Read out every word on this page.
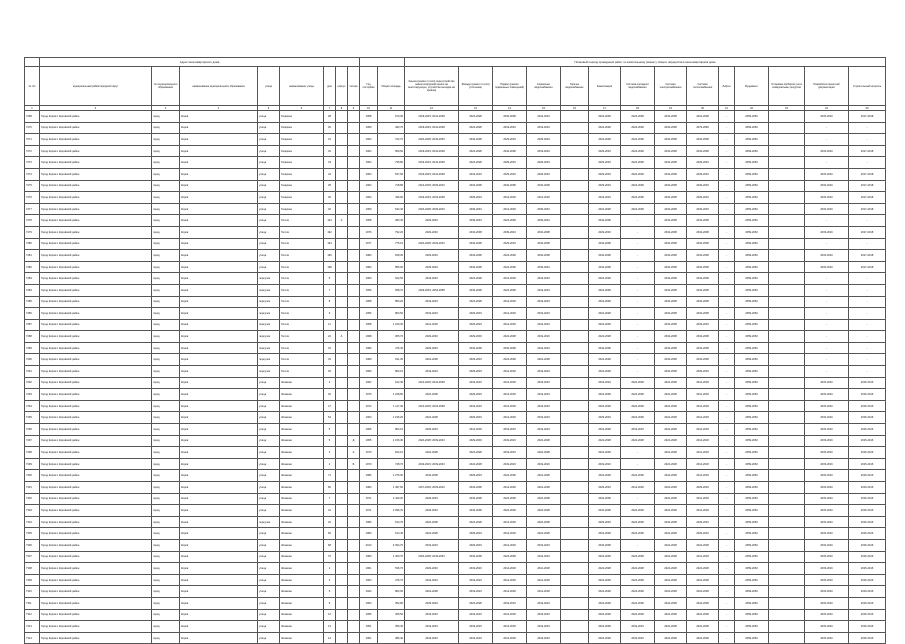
	Адрес многоквартирного дома										Плановый период проведения работ по капитальному ремонту общего имущества в многоквартирном доме													
№ п/п	муниципальный район/городской округ	тип муниципального образования	наименование муниципального образования	улица	наименование улицы	дом	корпус	литера	Год постройки	Общая площадь	Крыша (ремонт и (или) переустройство невентилируемой крыши на вентилируемую, устройство выходов на кровлю)	Фасады (ремонт и (или) утепление)	Подвал (ремонт подвальных помещений)	Сервисные водоснабжения	Горячее водоснабжение	Канализация	Система холодного водоснабжения	Система электроснабжения	Система теплоснабжения	Лифты	Фундамент	Установка приборов учета коммунальных ресурсов	Разработка проектной документации	Строительный контроль
1	2	3	4	5	6	7	8	9	10	11	12	13	14	15	16	17	18	19	20	21	22	23	24	25
7268	Город Киров и Кировский район	город	Киров	улица	Гагарина	28			1958	679,00	2019-2023; 2044-2048	2024-2028	2034-2038	2019-2023		2024-2028	2024-2028	2034-2038	2024-2028	-	2059-2063		2015-2016	2017-2018
7270	Город Киров и Кировский район	город	Киров	улица	Гагарина	30			1959	493,70	2019-2023; 2044-2048	2024-2028	2019-2023	2019-2023		2024-2028	2024-2028	2034-2038	2079-2083	-	2059-2063		-	-
7271	Город Киров и Кировский район	город	Киров	улица	Гагарина	31			1964	722,70	2024-2028; 2049-2053	2034-2038	2029-2033	2029-2033		2024-2028	2024-2028	2034-2038	2034-2038	-	2059-2063		-	-
7272	Город Киров и Кировский район	город	Киров	улица	Гагарина	32			1964	569,50	2019-2023; 2044-2048	2024-2028	2034-2038	2019-2023		2029-2033	2024-2028	2034-2038	2034-2038	-	2059-2063		2015-2016	2017-2018
7273	Город Киров и Кировский район	город	Киров	улица	Гагарина	33			1964	735,80	2019-2023; 2044-2048	2024-2028	2029-2033	2029-2033		2029-2033	2024-2028	2034-2038	2029-2033	-	2059-2063		-	-
7274	Город Киров и Кировский район	город	Киров	улица	Гагарина	34			1964	547,90	2019-2023; 2044-2048	2019-2023	2029-2033	2029-2033		2029-2033	2024-2028	2034-2038	2029-2033	-	2059-2063		2015-2016	2017-2018
7275	Город Киров и Кировский район	город	Киров	улица	Гагарина	35			1964	718,80	2014-2018; 2039-2043	2034-2038	2034-2038	2034-2038		2029-2033	2024-2028	2034-2038	2029-2033	-	2059-2063		2015-2016	2017-2018
7276	Город Киров и Кировский район	город	Киров	улица	Гагарина	36			1964	436,90	2019-2023; 2034-2038	2029-2033	2014-2018	2014-2018		2019-2023	2024-2028	2034-2038	2029-2033	-	2059-2063		2015-2016	2017-2018
7277	Город Киров и Кировский район	город	Киров	улица	Гагарина	40			1959	632,40	2024-2028; 2039-2043	2039-2043	2014-2018	2039-2043		2024-2028	2024-2028	2034-2038	2029-2033	-	2059-2063		2015-2016	2017-2018
7278	Город Киров и Кировский район	город	Киров	улица	Гоголя	144	А		1958	383,40	2029-2033	2039-2043	2024-2028	2039-2043		2034-2038	-	2034-2038	2034-2038	-	2059-2063		-	-
7279	Город Киров и Кировский район	город	Киров	улица	Гоголя	192			1976	792,20	2029-2033	2034-2038	2039-2043	2034-2038		2029-2033	-	2034-2038	2034-2038	-	2059-2063		2015-2016	2017-2018
7280	Город Киров и Кировский район	город	Киров	улица	Гоголя	194			1977	775,10	2024-2028; 2039-2043	2034-2038	2029-2033	2034-2038		2034-2038	-	2034-2038	2034-2038	-	2059-2063		-	-
7281	Город Киров и Кировский район	город	Киров	улица	Гоголя	196			1980	818,30	2029-2033	2034-2038	2024-2028	2034-2038		2034-2038	-	2034-2038	2034-2038	-	2059-2063		2015-2016	2017-2018
7282	Город Киров и Кировский район	город	Киров	улица	Гоголя	198			1984	855,00	2029-2033	2034-2038	2024-2028	2039-2043		2034-2038	-	2034-2038	2034-2038	-	2059-2063		2015-2016	2017-2018
7283	Город Киров и Кировский район	город	Киров	переулок	Гоголя	5			1950	624,50	2019-2023	2024-2028	2014-2018	2019-2023		2024-2028	-	2034-2038	2034-2038	-	2059-2063		-	-
7284	Город Киров и Кировский район	город	Киров	переулок	Гоголя	7			1956	658,70	2029-2033; 2054-2058	2034-2038	2024-2028	2019-2023		2024-2028	-	2034-2038	2034-2038	-	2059-2063		-	-
7285	Город Киров и Кировский район	город	Киров	переулок	Гоголя	8			1958	853,20	2019-2023	2024-2028	2014-2018	2019-2023		2024-2028	-	2034-2038	2034-2038	-	2059-2063		-	-
7286	Город Киров и Кировский район	город	Киров	переулок	Гоголя	9			1956	863,50	2019-2023	2029-2033	2014-2018	2019-2023		2024-2028	-	2034-2038	2034-2038	-	2059-2063		-	-
7287	Город Киров и Кировский район	город	Киров	переулок	Гоголя	11			1958	1 240,30	2014-2018	2029-2033	2014-2018	2019-2023		2024-2028	-	2034-2038	2029-2033	-	2059-2063		-	-
7288	Город Киров и Кировский район	город	Киров	переулок	Гоголя	22	А		1998	365,70	2029-2033	2029-2033	2024-2028	2019-2023		2024-2028	-	2034-2038	2034-2038	-	2059-2063		-	-
7289	Город Киров и Кировский район	город	Киров	переулок	Гоголя	32			1986	476,40	2029-2033	2034-2038	2034-2038	2019-2023		2034-2038	-	2034-2038	2034-2038	-	2059-2063		-	-
7290	Город Киров и Кировский район	город	Киров	переулок	Гоголя	34			1989	811,30	2024-2028	2029-2033	2024-2028	2024-2028		2024-2028	-	2034-2038	2034-2038	-	2059-2063		-	-
7291	Город Киров и Кировский район	город	Киров	переулок	Гоголя	40			1990	862,10	2019-2023	2029-2033	2014-2018	2019-2023		2024-2028	-	2034-2038	2029-2033	-	2059-2063		-	-
7292	Город Киров и Кировский район	город	Киров	улица	Жинкина	4			1962	612,40	2014-2018; 2044-2048	2019-2023	2014-2018	2019-2023		2019-2023	2024-2028	2024-2028	2014-2018	-	2059-2063		2015-2016	2015-2016
7293	Город Киров и Кировский район	город	Киров	улица	Жинкина	46			1976	1 228,50	2024-2028	2029-2033	2014-2018	2019-2023		2024-2028	2024-2028	2024-2028	2014-2018	-	2059-2063		2015-2016	2015-2016
7294	Город Киров и Кировский район	город	Киров	улица	Жинкина	47			1972	1 117,30	2014-2018; 2034-2038	2019-2023	2014-2018	2019-2023		2024-2028	2024-2028	2024-2028	2014-2018	-	2059-2063		2015-2016	2015-2016
7295	Город Киров и Кировский район	город	Киров	улица	Жинкина	54			1963	1 195,20	2024-2028	2029-2033	2014-2018	2019-2023		2029-2033	2024-2028	2024-2028	2014-2018	-	2059-2063		2015-2016	2015-2016
7296	Город Киров и Кировский район	город	Киров	улица	Жинкина	5			1965	862,10	2029-2033	2014-2018	2019-2023	2019-2023		2024-2028	2019-2023	2024-2028	2014-2018	-	2059-2063		2015-2016	2015-2016
7297	Город Киров и Кировский район	город	Киров	улица	Жинкина	5		Д	1955	1 156,30	2024-2028; 2039-2043	2029-2033	2019-2023	2024-2028		2024-2028	2024-2028	2024-2028	2014-2018	-	2059-2063		2015-2016	2015-2016
7298	Город Киров и Кировский район	город	Киров	улица	Жинкина	2		А	1973	812,10	2024-2028	2024-2028	2019-2023	2024-2028		2024-2028	-	2024-2028	2014-2018	-	2059-2063		2015-2016	2015-2016
7299	Город Киров и Кировский район	город	Киров	улица	Жинкина	2		Б	1973	748,70	2019-2023; 2039-2043	2024-2028	2019-2023	2019-2023		2019-2023	-	2024-2028	2014-2018	-	2059-2063		2015-2016	2015-2016
7300	Город Киров и Кировский район	город	Киров	улица	Жинкина	71			1986	1 276,30	2034-2038	2029-2033	2024-2028	2024-2028		2024-2028	2024-2028	2024-2028	2014-2018	-	2059-2063		2015-2016	2015-2016
7301	Город Киров и Кировский район	город	Киров	улица	Жинкина	80			1980	1 497,60	2017-2018; 2039-2043	2034-2038	2014-2018	2024-2028		2029-2033	2014-2018	2024-2028	2029-2033	-	2059-2063		2015-2016	2015-2016
7302	Город Киров и Кировский район	город	Киров	улица	Жинкина	7			1971	2 429,20	2029-2033	2034-2038	2024-2028	2024-2028		2034-2038	-	2024-2028	2014-2018	-	2059-2063		2015-2016	2015-2016
7303	Город Киров и Кировский район	город	Киров	улица	Жинкина	31			1971	2 096,70	2029-2033	2034-2038	2024-2028	2024-2028		2034-2038	2024-2028	2024-2028	2014-2018	-	2059-2063		2015-2016	2015-2016
7304	Город Киров и Кировский район	город	Киров	переулок	Жинкина	32			1986	613,70	2024-2028	2024-2028	2014-2018	2024-2028		2029-2033	2024-2028	2034-2038	2029-2033	-	2059-2063		2015-2016	2015-2016
7305	Город Киров и Кировский район	город	Киров	улица	Жинкина	66			1980	613,40	2024-2028	2029-2033	2014-2018	2024-2028		2024-2028	2024-2028	2024-2028	2029-2033	-	2059-2063		2015-2016	2015-2016
7306	Город Киров и Кировский район	город	Киров	улица	Жинкина	68			2013	3 394,70	2019-2023	2029-2033	2014-2018	2019-2023		2034-2038	-	2024-2028	2024-2028	-	2059-2063		2015-2016	2015-2016
7307	Город Киров и Кировский район	город	Киров	улица	Жинкина	76			1980	1 300,75	2024-2028; 2049-2053	2034-2038	2024-2028	2019-2023		2024-2028	2024-2028	2024-2028	2014-2018	-	2059-2063		2015-2016	2015-2016
7308	Город Киров и Кировский район	город	Киров	улица	Жинкина	1			1961	536,70	2029-2033	2019-2023	2014-2018	2014-2018		2024-2028	2024-2028	2024-2028	2024-2028	-	2059-2063		2015-2016	2015-2016
7309	Город Киров и Кировский район	город	Киров	улица	Жинкина	3			1953	376,70	2019-2023	2019-2023	2014-2018	2014-2018		2024-2028	2024-2028	2024-2028	2024-2028	-	2059-2063		2015-2016	2015-2016
7310	Город Киров и Кировский район	город	Киров	улица	Жинкина	5			1924	862,00	2024-2028	2019-2023	2014-2018	2014-2018		2024-2028	2024-2028	2024-2028	2024-2028	-	2059-2063		2015-2016	2015-2016
7311	Город Киров и Кировский район	город	Киров	улица	Жинкина	9			1953	352,80	2029-2033	2024-2028	2019-2023	2019-2023		2024-2028	2024-2028	2024-2028	2024-2028	-	2059-2063		2015-2016	2015-2016
7312	Город Киров и Кировский район	город	Киров	улица	Жинкина	12			1955	365,50	2019-2023	2019-2023	2014-2018	2019-2023		2024-2028	2024-2028	2024-2028	2024-2028	-	2059-2063		2015-2016	2015-2016
7313	Город Киров и Кировский район	город	Киров	улица	Жинкина	13			1951	356,40	2019-2023	2019-2023	2014-2018	2019-2023		2024-2028	2019-2023	2024-2028	2024-2028	-	2059-2063		2015-2016	2015-2016
7314	Город Киров и Кировский район	город	Киров	улица	Жинкина	14			1951	386,40	2019-2023	2019-2023	2014-2018	2019-2023		2024-2028	2019-2023	2024-2028	2024-2028	-	2059-2063		2015-2016	2015-2016
